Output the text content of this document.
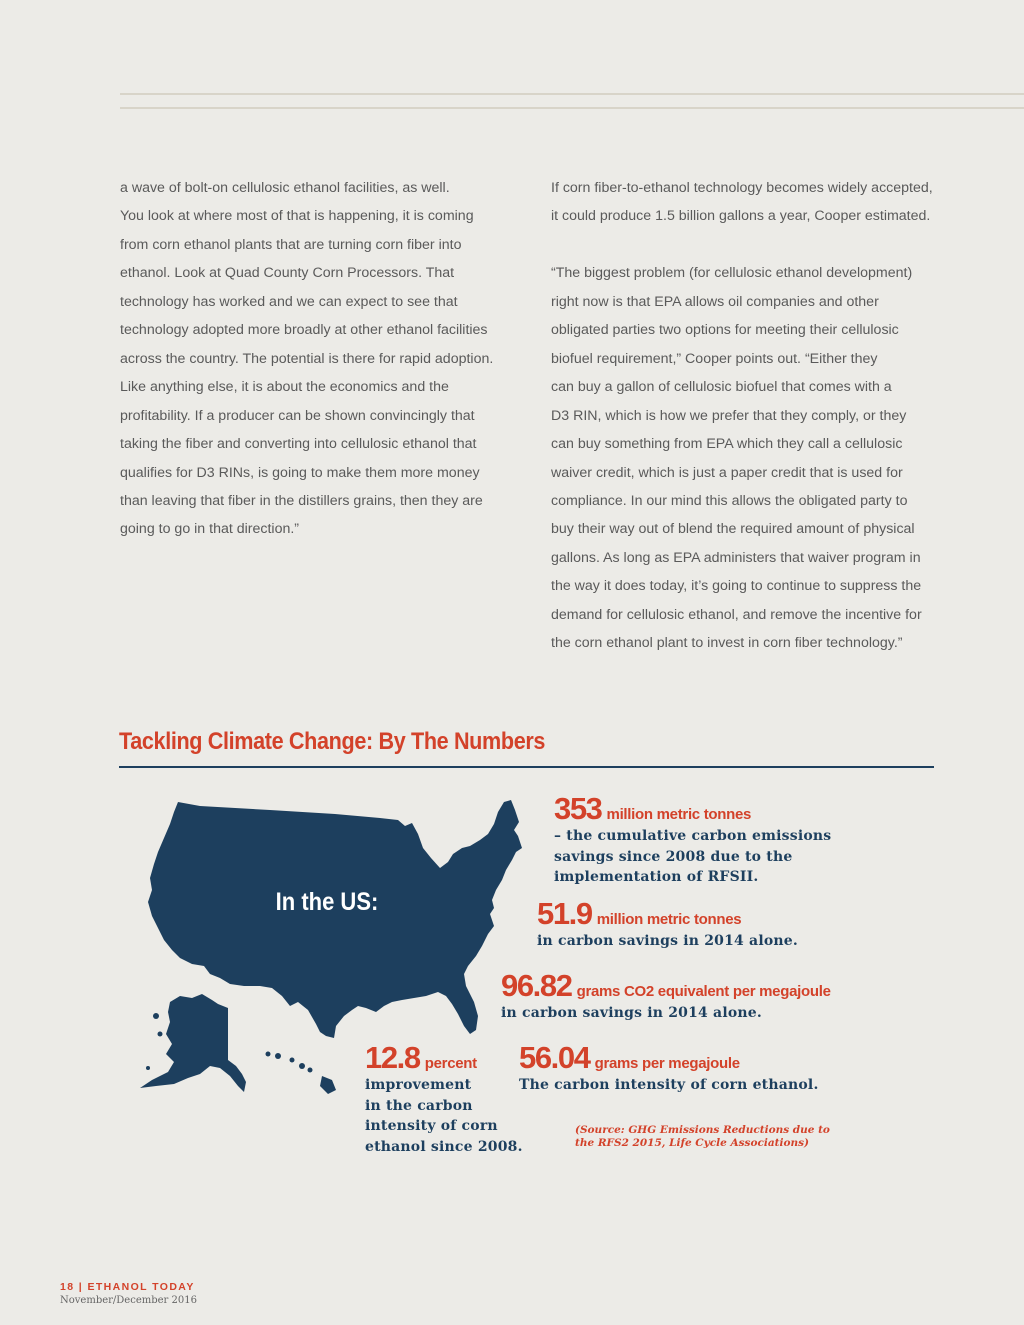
a wave of bolt-on cellulosic ethanol facilities, as well.

You look at where most of that is happening, it is coming

from corn ethanol plants that are turning corn fiber into

ethanol. Look at Quad County Corn Processors. That

technology has worked and we can expect to see that

technology adopted more broadly at other ethanol facilities

across the country. The potential is there for rapid adoption.

Like anything else, it is about the economics and the

profitability. If a producer can be shown convincingly that

taking the fiber and converting into cellulosic ethanol that

qualifies for D3 RINs, is going to make them more money

than leaving that fiber in the distillers grains, then they are

going to go in that direction.”

If corn fiber-to-ethanol technology becomes widely accepted,

it could produce 1.5 billion gallons a year, Cooper estimated.

“The biggest problem (for cellulosic ethanol development)

right now is that EPA allows oil companies and other

obligated parties two options for meeting their cellulosic

biofuel requirement,” Cooper points out. “Either they

can buy a gallon of cellulosic biofuel that comes with a

D3 RIN, which is how we prefer that they comply, or they

can buy something from EPA which they call a cellulosic

waiver credit, which is just a paper credit that is used for

compliance. In our mind this allows the obligated party to

buy their way out of blend the required amount of physical

gallons. As long as EPA administers that waiver program in

the way it does today, it’s going to continue to suppress the

demand for cellulosic ethanol, and remove the incentive for

the corn ethanol plant to invest in corn fiber technology.”

Tackling Climate Change: By The Numbers
In the US:
353 million metric tonnes

– the cumulative carbon emissions

savings since 2008 due to the

implementation of RFSII.

51.9 million metric tonnes

in carbon savings in 2014 alone.

96.82 grams CO2 equivalent per megajoule

in carbon savings in 2014 alone.

12.8 percent

improvement

in the carbon

intensity of corn

ethanol since 2008.

56.04 grams per megajoule

The carbon intensity of corn ethanol.

(Source: GHG Emissions Reductions due to

the RFS2 2015, Life Cycle Associations)

18 | ETHANOL TODAY
November/December 2016
